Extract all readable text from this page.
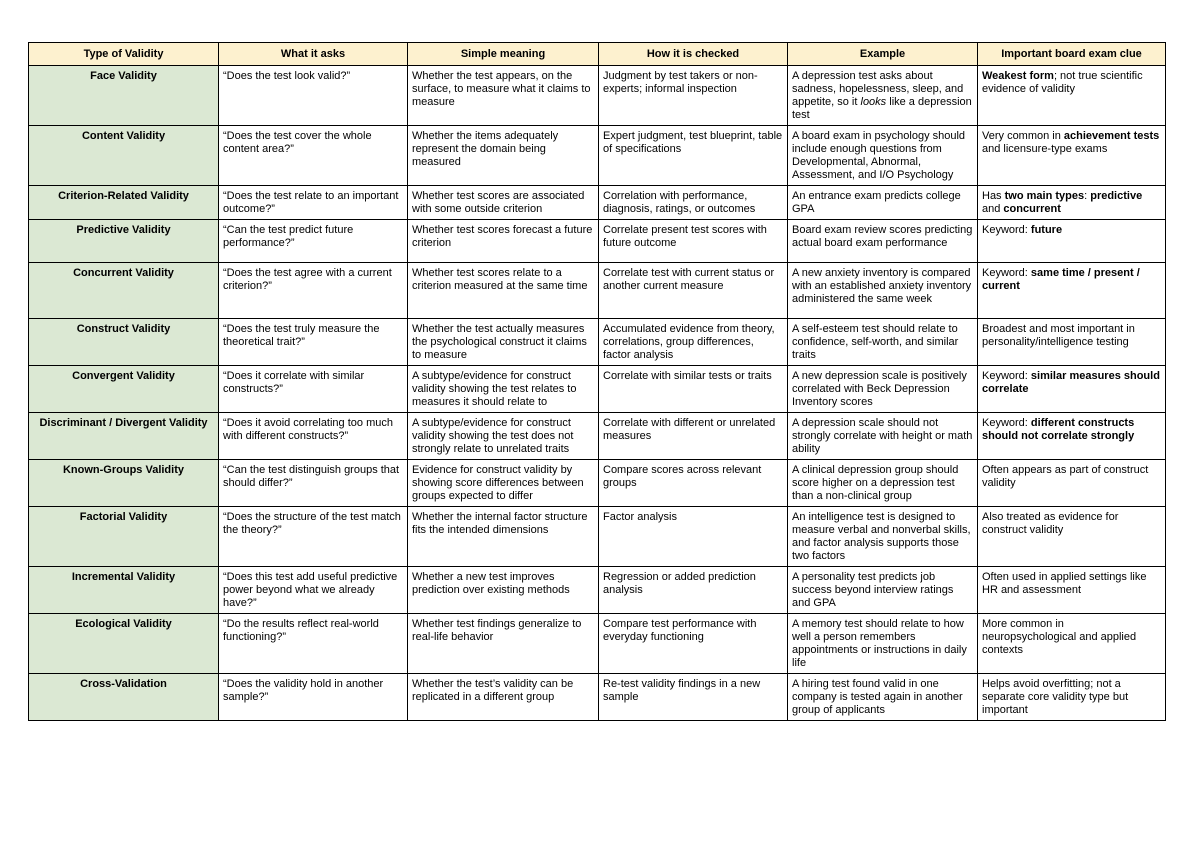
Type of Validity	What it asks	Simple meaning	How it is checked	Example	Important board exam clue
Face Validity	“Does the test look valid?”	Whether the test appears, on the surface, to measure what it claims to measure	Judgment by test takers or non-experts; informal inspection	A depression test asks about sadness, hopelessness, sleep, and appetite, so it looks like a depression test	Weakest form; not true scientific evidence of validity
Content Validity	“Does the test cover the whole content area?”	Whether the items adequately represent the domain being measured	Expert judgment, test blueprint, table of specifications	A board exam in psychology should include enough questions from Developmental, Abnormal, Assessment, and I/O Psychology	Very common in achievement tests and licensure-type exams
Criterion-Related Validity	“Does the test relate to an important outcome?”	Whether test scores are associated with some outside criterion	Correlation with performance, diagnosis, ratings, or outcomes	An entrance exam predicts college GPA	Has two main types: predictive and concurrent
Predictive Validity	“Can the test predict future performance?”	Whether test scores forecast a future criterion	Correlate present test scores with future outcome	Board exam review scores predicting actual board exam performance	Keyword: future
Concurrent Validity	“Does the test agree with a current criterion?”	Whether test scores relate to a criterion measured at the same time	Correlate test with current status or another current measure	A new anxiety inventory is compared with an established anxiety inventory administered the same week	Keyword: same time / present / current
Construct Validity	“Does the test truly measure the theoretical trait?”	Whether the test actually measures the psychological construct it claims to measure	Accumulated evidence from theory, correlations, group differences, factor analysis	A self-esteem test should relate to confidence, self-worth, and similar traits	Broadest and most important in personality/intelligence testing
Convergent Validity	“Does it correlate with similar constructs?”	A subtype/evidence for construct validity showing the test relates to measures it should relate to	Correlate with similar tests or traits	A new depression scale is positively correlated with Beck Depression Inventory scores	Keyword: similar measures should correlate
Discriminant / Divergent Validity	“Does it avoid correlating too much with different constructs?”	A subtype/evidence for construct validity showing the test does not strongly relate to unrelated traits	Correlate with different or unrelated measures	A depression scale should not strongly correlate with height or math ability	Keyword: different constructs should not correlate strongly
Known-Groups Validity	“Can the test distinguish groups that should differ?”	Evidence for construct validity by showing score differences between groups expected to differ	Compare scores across relevant groups	A clinical depression group should score higher on a depression test than a non-clinical group	Often appears as part of construct validity
Factorial Validity	“Does the structure of the test match the theory?”	Whether the internal factor structure fits the intended dimensions	Factor analysis	An intelligence test is designed to measure verbal and nonverbal skills, and factor analysis supports those two factors	Also treated as evidence for construct validity
Incremental Validity	“Does this test add useful predictive power beyond what we already have?”	Whether a new test improves prediction over existing methods	Regression or added prediction analysis	A personality test predicts job success beyond interview ratings and GPA	Often used in applied settings like HR and assessment
Ecological Validity	“Do the results reflect real-world functioning?”	Whether test findings generalize to real-life behavior	Compare test performance with everyday functioning	A memory test should relate to how well a person remembers appointments or instructions in daily life	More common in neuropsychological and applied contexts
Cross-Validation	“Does the validity hold in another sample?”	Whether the test’s validity can be replicated in a different group	Re-test validity findings in a new sample	A hiring test found valid in one company is tested again in another group of applicants	Helps avoid overfitting; not a separate core validity type but important
